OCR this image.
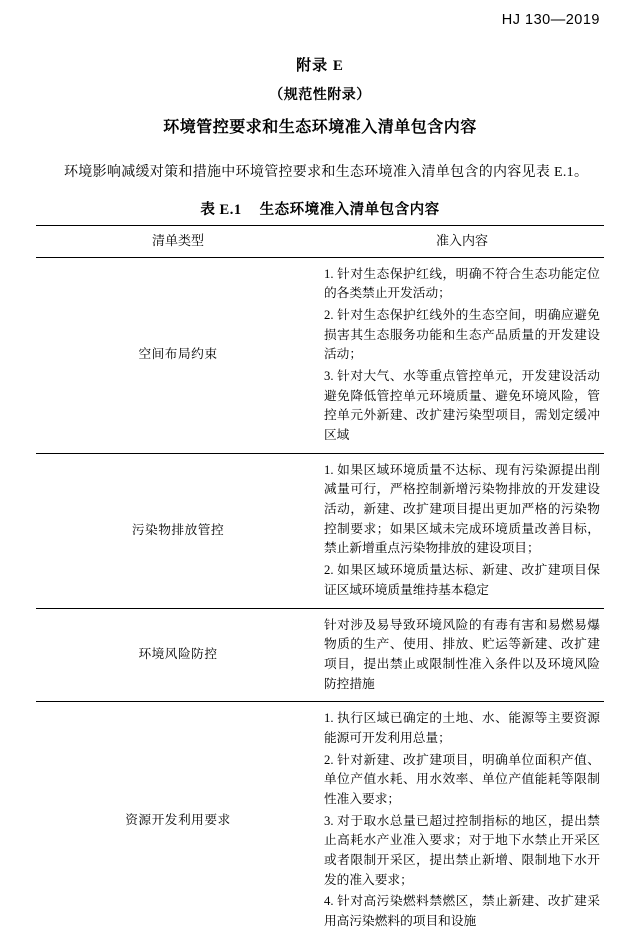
HJ 130—2019
附录 E
（规范性附录）
环境管控要求和生态环境准入清单包含内容
环境影响减缓对策和措施中环境管控要求和生态环境准入清单包含的内容见表 E.1。
表 E.1 生态环境准入清单包含内容
清单类型	准入内容
空间布局约束	1. 针对生态保护红线，明确不符合生态功能定位的各类禁止开发活动；

2. 针对生态保护红线外的生态空间，明确应避免损害其生态服务功能和生态产品质量的开发建设活动；

3. 针对大气、水等重点管控单元，开发建设活动避免降低管控单元环境质量、避免环境风险，管控单元外新建、改扩建污染型项目，需划定缓冲区域

污染物排放管控	1. 如果区域环境质量不达标、现有污染源提出削减量可行，严格控制新增污染物排放的开发建设活动，新建、改扩建项目提出更加严格的污染物控制要求；如果区域未完成环境质量改善目标，禁止新增重点污染物排放的建设项目；

2. 如果区域环境质量达标、新建、改扩建项目保证区域环境质量维持基本稳定

环境风险防控	针对涉及易导致环境风险的有毒有害和易燃易爆物质的生产、使用、排放、贮运等新建、改扩建项目，提出禁止或限制性准入条件以及环境风险防控措施

资源开发利用要求	1. 执行区域已确定的土地、水、能源等主要资源能源可开发利用总量；

2. 针对新建、改扩建项目，明确单位面积产值、单位产值水耗、用水效率、单位产值能耗等限制性准入要求；

3. 对于取水总量已超过控制指标的地区，提出禁止高耗水产业准入要求；对于地下水禁止开采区或者限制开采区，提出禁止新增、限制地下水开发的准入要求；

4. 针对高污染燃料禁燃区，禁止新建、改扩建采用高污染燃料的项目和设施
